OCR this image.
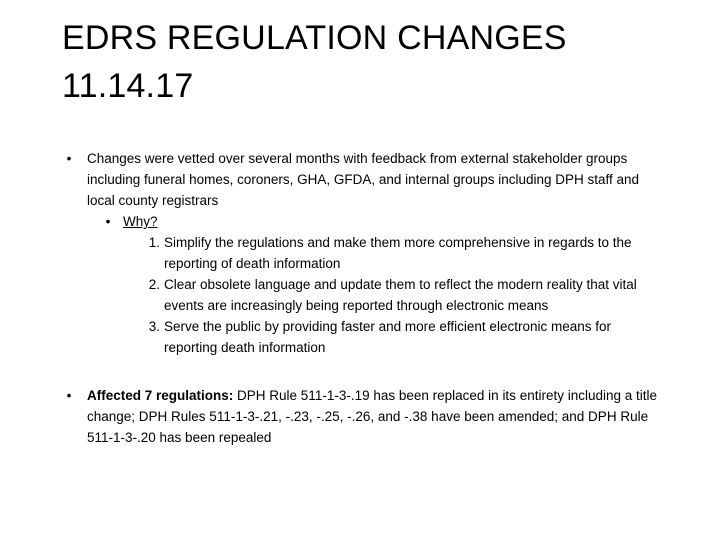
EDRS REGULATION CHANGES
11.14.17
•	Changes were vetted over several months with feedback from external stakeholder groups including funeral homes, coroners, GHA, GFDA, and internal groups including DPH staff and local county registrars
• Why?
1. Simplify the regulations and make them more comprehensive in regards to the reporting of death information
2. Clear obsolete language and update them to reflect the modern reality that vital events are increasingly being reported through electronic means
3. Serve the public by providing faster and more efficient electronic means for reporting death information
•	Affected 7 regulations: DPH Rule 511-1-3-.19 has been replaced in its entirety including a title change; DPH Rules 511-1-3-.21, -.23, -.25, -.26, and -.38 have been amended; and DPH Rule 511-1-3-.20 has been repealed
